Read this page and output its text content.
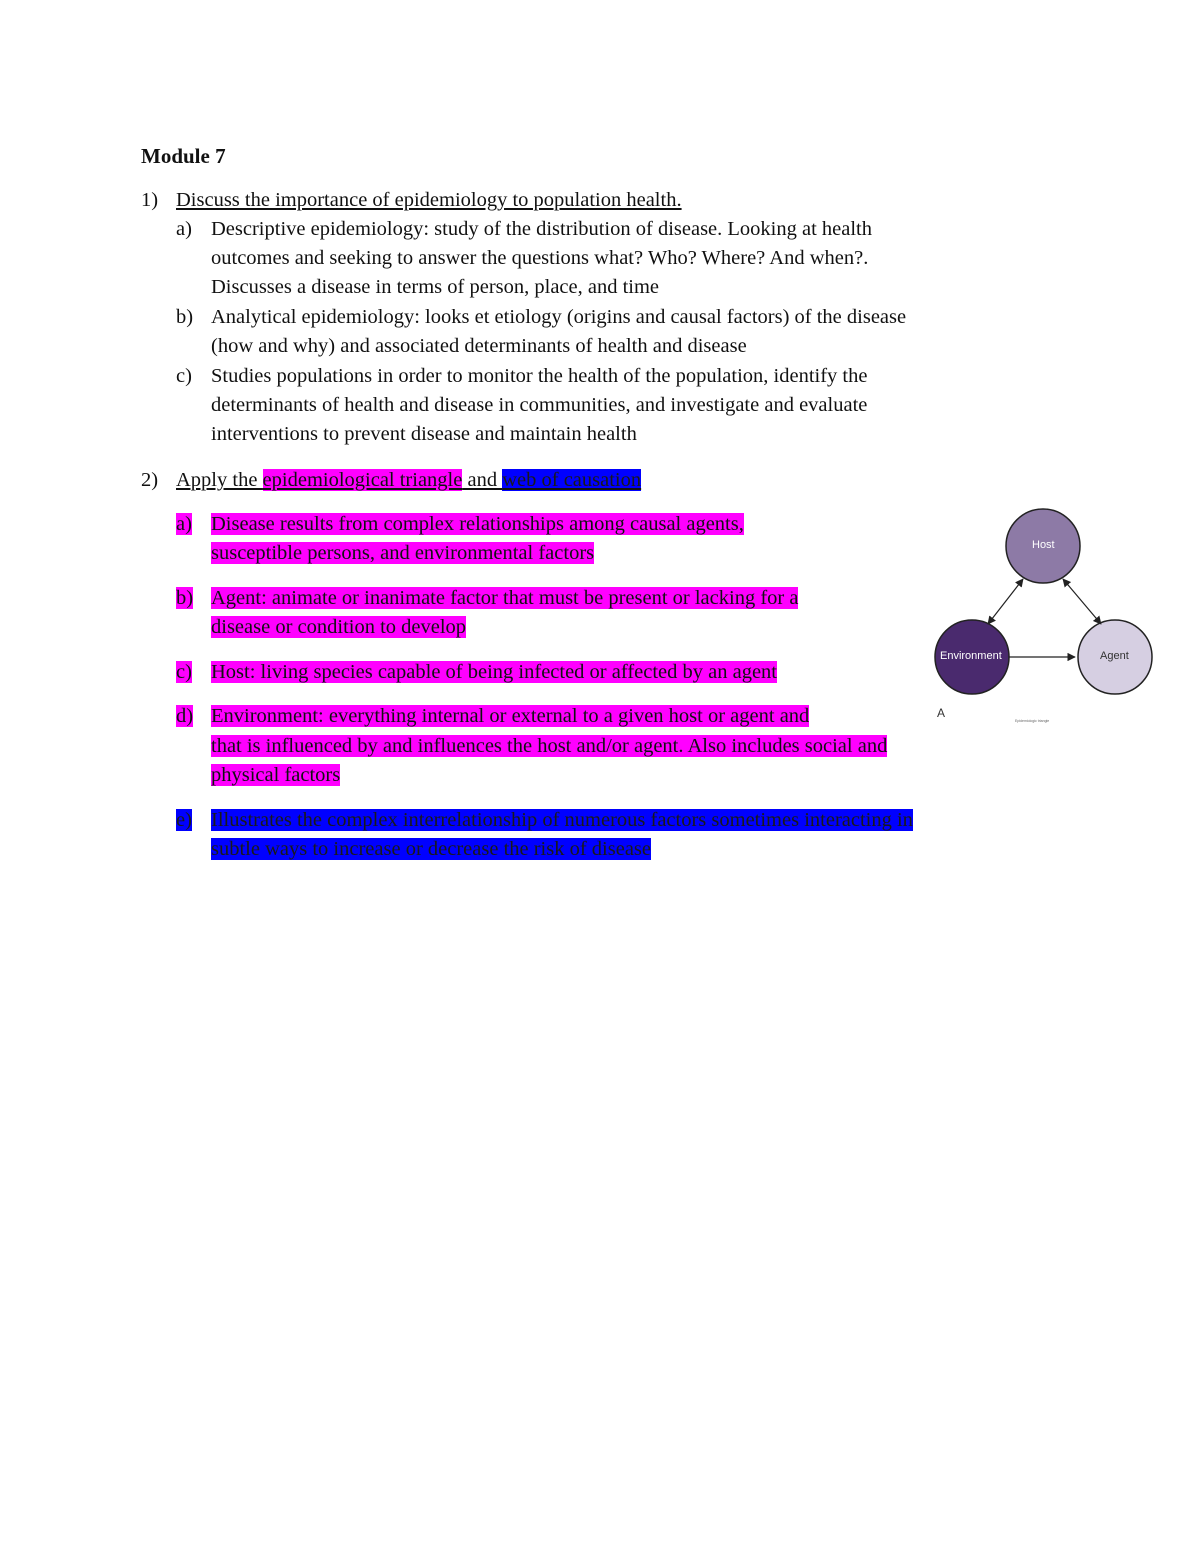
Module 7
1) Discuss the importance of epidemiology to population health.
a) Descriptive epidemiology: study of the distribution of disease. Looking at health
outcomes and seeking to answer the questions what? Who? Where? And when?.
Discusses a disease in terms of person, place, and time
b) Analytical epidemiology: looks et etiology (origins and causal factors) of the disease
(how and why) and associated determinants of health and disease
c) Studies populations in order to monitor the health of the population, identify the
determinants of health and disease in communities, and investigate and evaluate
interventions to prevent disease and maintain health
2) Apply the epidemiological triangle and web of causation
a) Disease results from complex relationships among causal agents,
susceptible persons, and environmental factors
b) Agent: animate or inanimate factor that must be present or lacking for a
disease or condition to develop
c) Host: living species capable of being infected or affected by an agent
d) Environment: everything internal or external to a given host or agent and
that is influenced by and influences the host and/or agent. Also includes social and
physical factors
e) Illustrates the complex interrelationship of numerous factors sometimes interacting in
subtle ways to increase or decrease the risk of disease
Host
Environment	Agent
A
Epidemiologic triangle
